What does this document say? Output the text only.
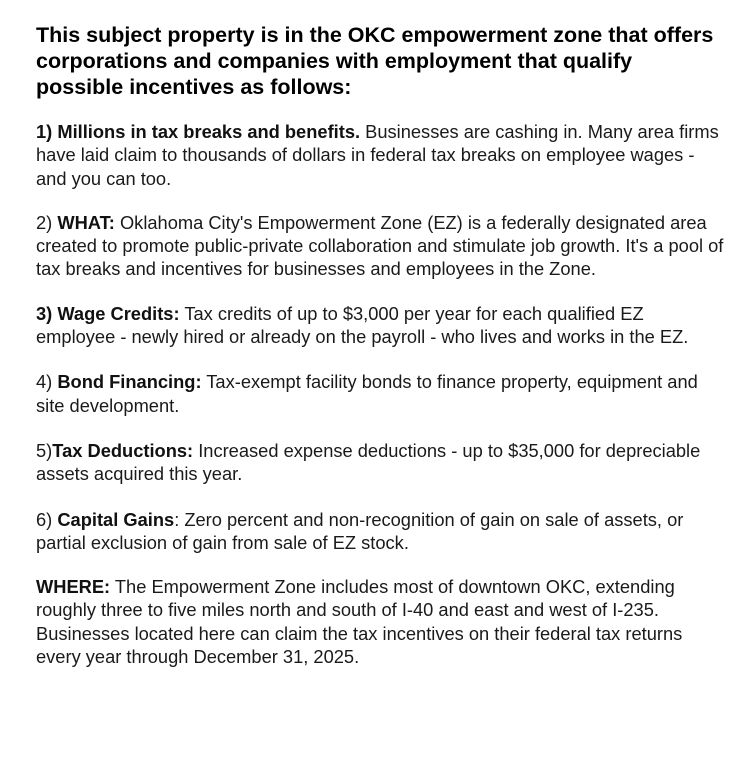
This subject property is in the OKC empowerment zone that offers corporations and companies with employment that qualify possible incentives as follows:

1) Millions in tax breaks and benefits. Businesses are cashing in. Many area firms have laid claim to thousands of dollars in federal tax breaks on employee wages - and you can too.

2) WHAT: Oklahoma City's Empowerment Zone (EZ) is a federally designated area created to promote public-private collaboration and stimulate job growth. It's a pool of tax breaks and incentives for businesses and employees in the Zone.

3) Wage Credits: Tax credits of up to $3,000 per year for each qualified EZ employee - newly hired or already on the payroll - who lives and works in the EZ.

4) Bond Financing: Tax-exempt facility bonds to finance property, equipment and site development.

5)Tax Deductions: Increased expense deductions - up to $35,000 for depreciable assets acquired this year.

6) Capital Gains: Zero percent and non-recognition of gain on sale of assets, or partial exclusion of gain from sale of EZ stock.

WHERE: The Empowerment Zone includes most of downtown OKC, extending roughly three to five miles north and south of I-40 and east and west of I-235. Businesses located here can claim the tax incentives on their federal tax returns every year through December 31, 2025.
